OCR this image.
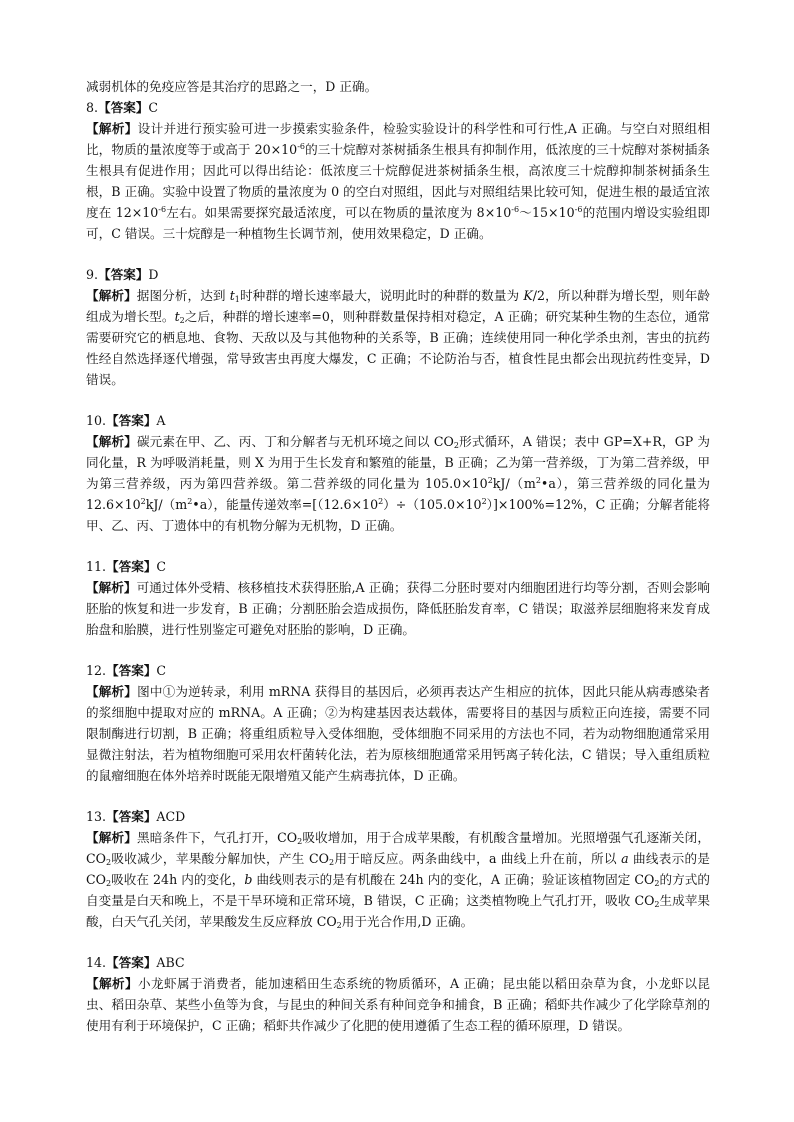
减弱机体的免疫应答是其治疗的思路之一，D 正确。

8.【答案】C

【解析】设计并进行预实验可进一步摸索实验条件，检验实验设计的科学性和可行性,A 正确。与空白对照组相比，物质的量浓度等于或高于 $20\times 10^{-6}$的三十烷醇对茶树插条生根具有抑制作用，低浓度的三十烷醇对茶树插条生根具有促进作用；因此可以得出结论：低浓度三十烷醇促进茶树插条生根，高浓度三十烷醇抑制茶树插条生根，B 正确。实验中设置了物质的量浓度为 0 的空白对照组，因此与对照组结果比较可知，促进生根的最适宜浓度在 $12\times 10^{-6}$左右。如果需要探究最适浓度，可以在物质的量浓度为 $8\times 10^{-6}\sim 15\times 10^{-6}$的范围内增设实验组即可，C 错误。三十烷醇是一种植物生长调节剂，使用效果稳定，D 正确。

9.【答案】D

【解析】据图分析，达到 $t_1$时种群的增长速率最大，说明此时的种群的数量为 K/2，所以种群为增长型，则年龄组成为增长型。$t_2$之后，种群的增长速率=0，则种群数量保持相对稳定，A 正确；研究某种生物的生态位，通常需要研究它的栖息地、食物、天敌以及与其他物种的关系等，B 正确；连续使用同一种化学杀虫剂，害虫的抗药性经自然选择逐代增强，常导致害虫再度大爆发，C 正确；不论防治与否，植食性昆虫都会出现抗药性变异，D 错误。

10.【答案】A

【解析】碳元素在甲、乙、丙、丁和分解者与无机环境之间以 $CO_2$形式循环，A 错误；表中 GP=X+R，GP 为同化量，R 为呼吸消耗量，则 X 为用于生长发育和繁殖的能量，B 正确；乙为第一营养级，丁为第二营养级，甲为第三营养级，丙为第四营养级。第二营养级的同化量为 $105.0\times 10^2kJ/(m^2•a)$，第三营养级的同化量为 $12.6\times 10^2kJ/(m^2•a)$，能量传递效率$=[(12.6\times 10^2)\div(105.0\times 10^2)]\times 100\%=12\%$，C 正确；分解者能将甲、乙、丙、丁遗体中的有机物分解为无机物，D 正确。

11.【答案】C

【解析】可通过体外受精、核移植技术获得胚胎,A 正确；获得二分胚时要对内细胞团进行均等分割，否则会影响胚胎的恢复和进一步发育，B 正确；分割胚胎会造成损伤，降低胚胎发育率，C 错误；取滋养层细胞将来发育成胎盘和胎膜，进行性别鉴定可避免对胚胎的影响，D 正确。

12.【答案】C

【解析】图中①为逆转录，利用 mRNA 获得目的基因后，必须再表达产生相应的抗体，因此只能从病毒感染者的浆细胞中提取对应的 mRNA。A 正确；②为构建基因表达载体，需要将目的基因与质粒正向连接，需要不同限制酶进行切割，B 正确；将重组质粒导入受体细胞，受体细胞不同采用的方法也不同，若为动物细胞通常采用显微注射法，若为植物细胞可采用农杆菌转化法，若为原核细胞通常采用钙离子转化法，C 错误；导入重组质粒的鼠瘤细胞在体外培养时既能无限增殖又能产生病毒抗体，D 正确。

13.【答案】ACD

【解析】黑暗条件下，气孔打开，$CO_2$吸收增加，用于合成苹果酸，有机酸含量增加。光照增强气孔逐渐关闭，$CO_2$吸收减少，苹果酸分解加快，产生 $CO_2$用于暗反应。两条曲线中，a 曲线上升在前，所以 a 曲线表示的是 $CO_2$吸收在 24h 内的变化，b 曲线则表示的是有机酸在 24h 内的变化，A 正确；验证该植物固定 $CO_2$的方式的自变量是白天和晚上，不是干旱环境和正常环境，B 错误，C 正确；这类植物晚上气孔打开，吸收 $CO_2$生成苹果酸，白天气孔关闭，苹果酸发生反应释放 $CO_2$用于光合作用,D 正确。

14.【答案】ABC

【解析】小龙虾属于消费者，能加速稻田生态系统的物质循环，A 正确；昆虫能以稻田杂草为食，小龙虾以昆虫、稻田杂草、某些小鱼等为食，与昆虫的种间关系有种间竞争和捕食，B 正确；稻虾共作减少了化学除草剂的使用有利于环境保护，C 正确；稻虾共作减少了化肥的使用遵循了生态工程的循环原理，D 错误。
